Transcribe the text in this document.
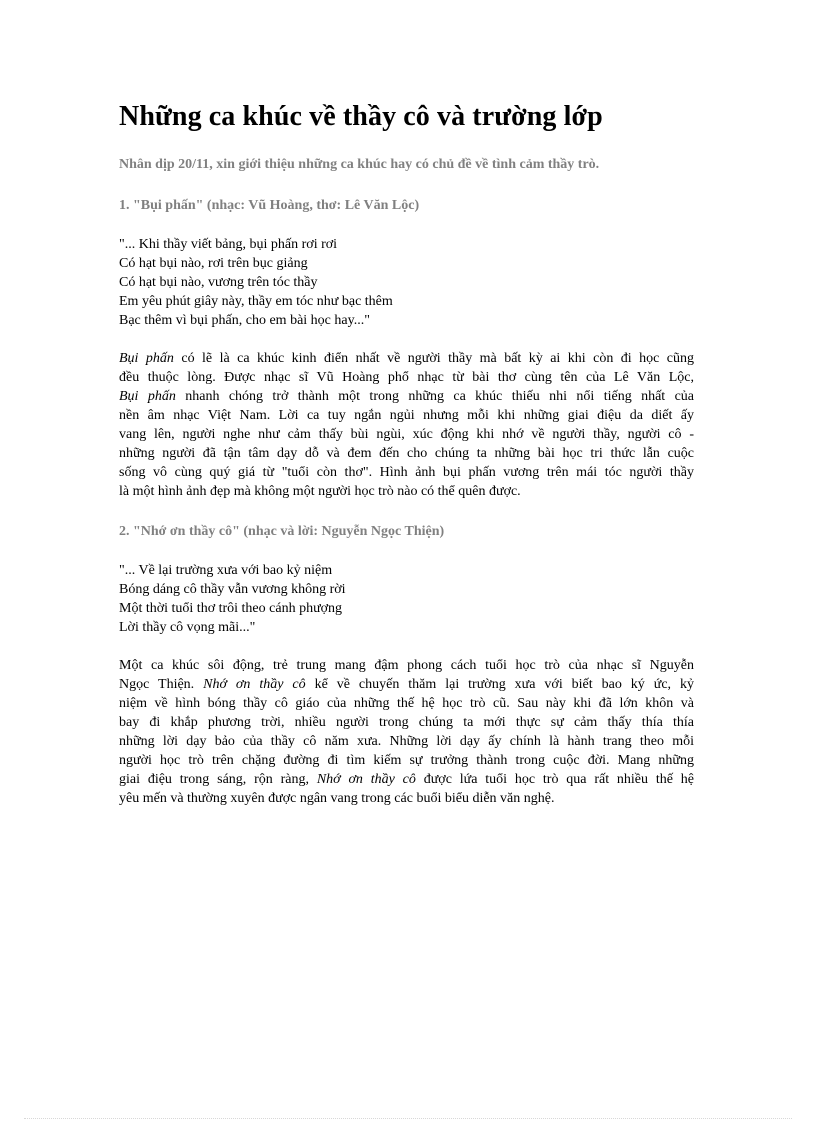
Những ca khúc về thầy cô và trường lớp
Nhân dịp 20/11, xin giới thiệu những ca khúc hay có chủ đề về tình cảm thầy trò.
1. "Bụi phấn" (nhạc: Vũ Hoàng, thơ: Lê Văn Lộc)
"... Khi thầy viết bảng, bụi phấn rơi rơi
Có hạt bụi nào, rơi trên bục giảng
Có hạt bụi nào, vương trên tóc thầy
Em yêu phút giây này, thầy em tóc như bạc thêm
Bạc thêm vì bụi phấn, cho em bài học hay..."
Bụi phấn có lẽ là ca khúc kinh điển nhất về người thầy mà bất kỳ ai khi còn đi học cũng
đều thuộc lòng. Được nhạc sĩ Vũ Hoàng phổ nhạc từ bài thơ cùng tên của Lê Văn Lộc,
Bụi phấn nhanh chóng trở thành một trong những ca khúc thiếu nhi nổi tiếng nhất của
nền âm nhạc Việt Nam. Lời ca tuy ngắn ngủi nhưng mỗi khi những giai điệu da diết ấy
vang lên, người nghe như cảm thấy bùi ngùi, xúc động khi nhớ về người thầy, người cô -
những người đã tận tâm dạy dỗ và đem đến cho chúng ta những bài học tri thức lẫn cuộc
sống vô cùng quý giá từ "tuổi còn thơ". Hình ảnh bụi phấn vương trên mái tóc người thầy
là một hình ảnh đẹp mà không một người học trò nào có thể quên được.
2. "Nhớ ơn thầy cô" (nhạc và lời: Nguyễn Ngọc Thiện)
"... Về lại trường xưa với bao kỷ niệm
Bóng dáng cô thầy vẫn vương không rời
Một thời tuổi thơ trôi theo cánh phượng
Lời thầy cô vọng mãi..."
Một ca khúc sôi động, trẻ trung mang đậm phong cách tuổi học trò của nhạc sĩ Nguyễn
Ngọc Thiện. Nhớ ơn thầy cô kể về chuyến thăm lại trường xưa với biết bao ký ức, kỷ
niệm về hình bóng thầy cô giáo của những thế hệ học trò cũ. Sau này khi đã lớn khôn và
bay đi khắp phương trời, nhiều người trong chúng ta mới thực sự cảm thấy thía thía
những lời dạy bảo của thầy cô năm xưa. Những lời dạy ấy chính là hành trang theo mỗi
người học trò trên chặng đường đi tìm kiếm sự trưởng thành trong cuộc đời. Mang những
giai điệu trong sáng, rộn ràng, Nhớ ơn thầy cô được lứa tuổi học trò qua rất nhiều thế hệ
yêu mến và thường xuyên được ngân vang trong các buổi biểu diễn văn nghệ.
